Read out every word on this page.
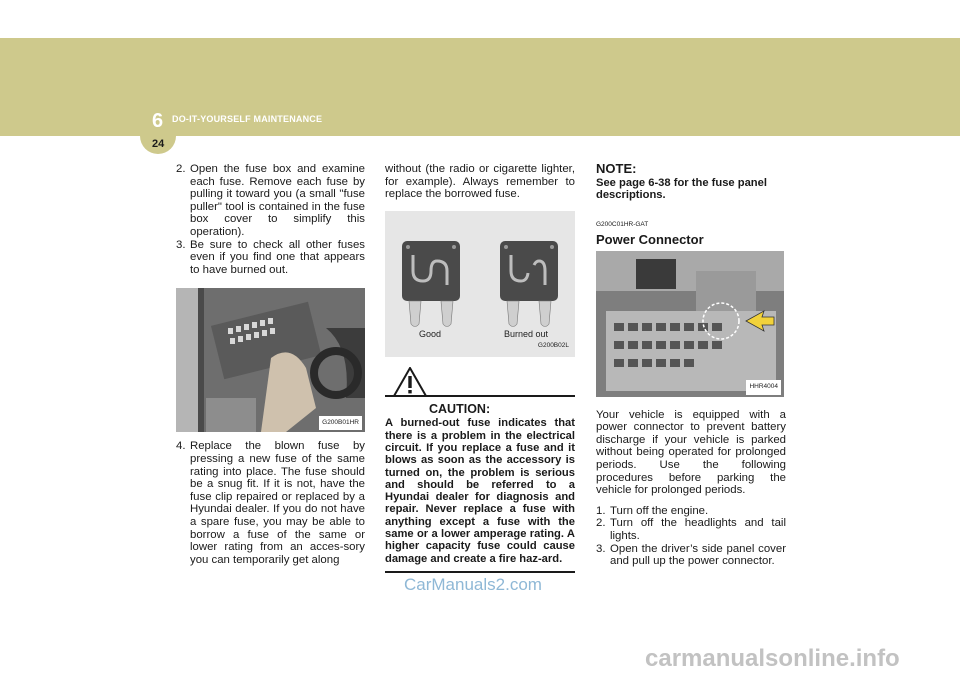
6 DO-IT-YOURSELF MAINTENANCE
24
2. Open the fuse box and examine each fuse. Remove each fuse by pulling it toward you (a small "fuse puller" tool is contained in the fuse box cover to simplify this operation).
3. Be sure to check all other fuses even if you find one that appears to have burned out.
G200B01HR
4. Replace the blown fuse by pressing a new fuse of the same rating into place. The fuse should be a snug fit. If it is not, have the fuse clip repaired or replaced by a Hyundai dealer. If you do not have a spare fuse, you may be able to borrow a fuse of the same or lower rating from an acces-sory you can temporarily get along
without (the radio or cigarette lighter, for example). Always remember to replace the borrowed fuse.
Good	Burned out
G200B02L
CAUTION:
A burned-out fuse indicates that there is a problem in the electrical circuit. If you replace a fuse and it blows as soon as the accessory is turned on, the problem is serious and should be referred to a Hyundai dealer for diagnosis and repair. Never replace a fuse with anything except a fuse with the same or a lower amperage rating. A higher capacity fuse could cause damage and create a fire haz-ard.
NOTE:
See page 6-38 for the fuse panel descriptions.
G200C01HR-GAT
Power Connector
HHR4004
Your vehicle is equipped with a power connector to prevent battery discharge if your vehicle is parked without being operated for prolonged periods. Use the following procedures before parking the vehicle for prolonged periods.
1. Turn off the engine.
2. Turn off the headlights and tail lights.
3. Open the driver’s side panel cover and pull up the power connector.
CarManuals2.com
carmanualsonline.info
